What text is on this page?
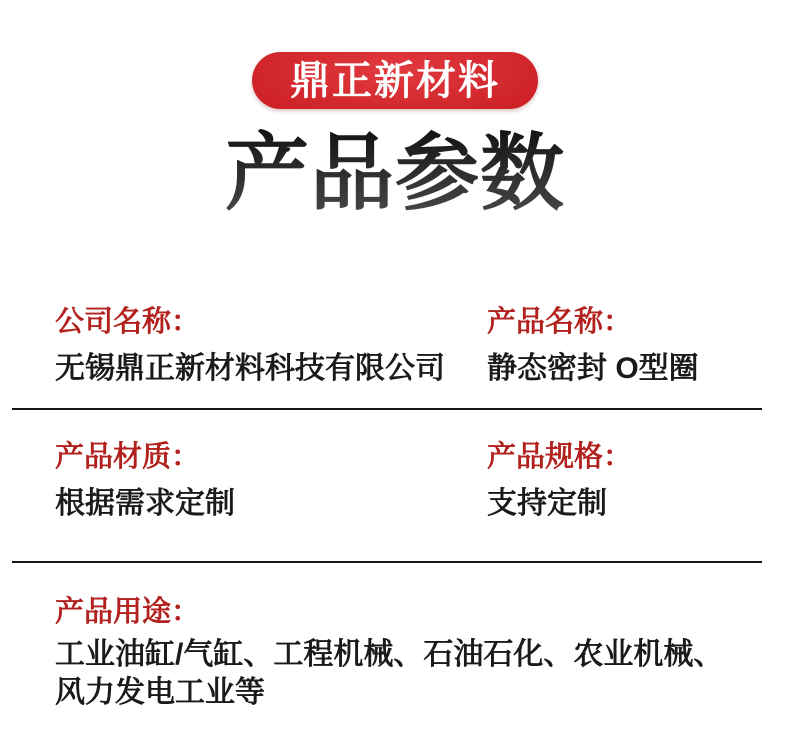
鼎正新材料
产品参数
公司名称：
无锡鼎正新材料科技有限公司
产品名称：
静态密封 O型圈
产品材质：
根据需求定制
产品规格：
支持定制
产品用途：
工业油缸/气缸、工程机械、石油石化、农业机械、
风力发电工业等
